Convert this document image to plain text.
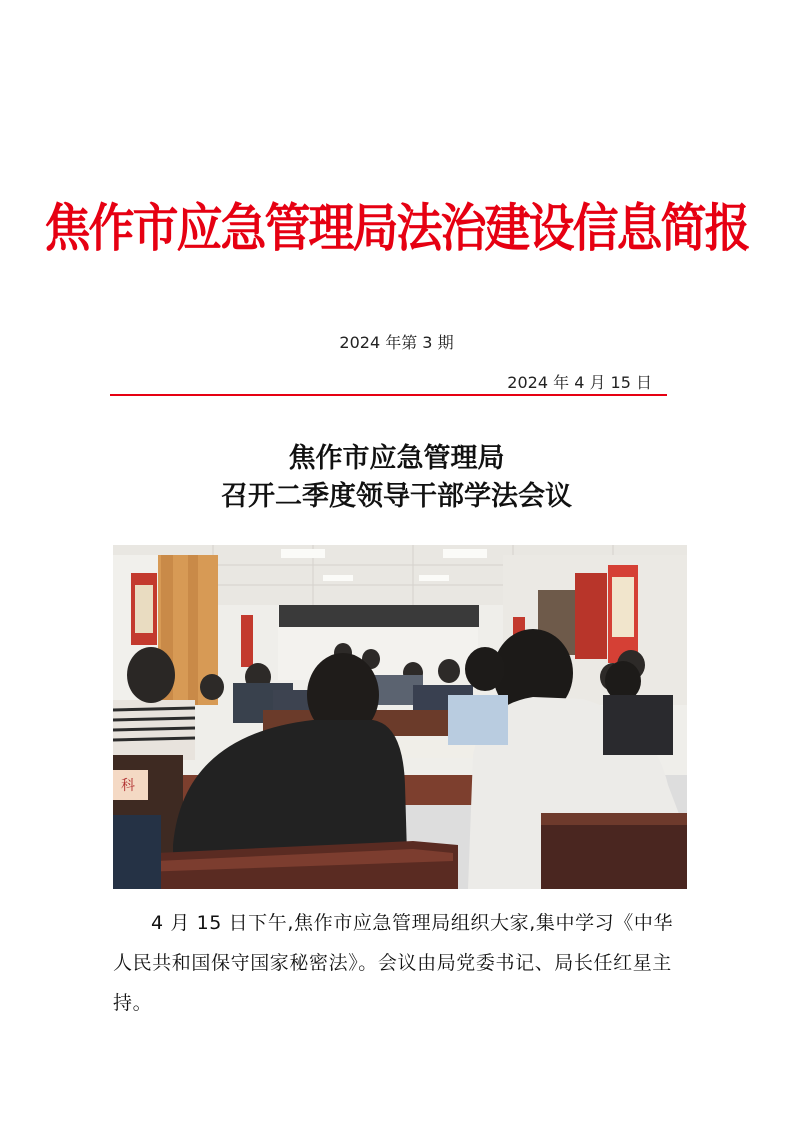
焦作市应急管理局法治建设信息简报
2024 年第 3 期
2024 年 4 月 15 日
焦作市应急管理局
召开二季度领导干部学法会议
科
4 月 15 日下午,焦作市应急管理局组织大家,集中学习《中华人民共和国保守国家秘密法》。会议由局党委书记、局长任红星主持。
